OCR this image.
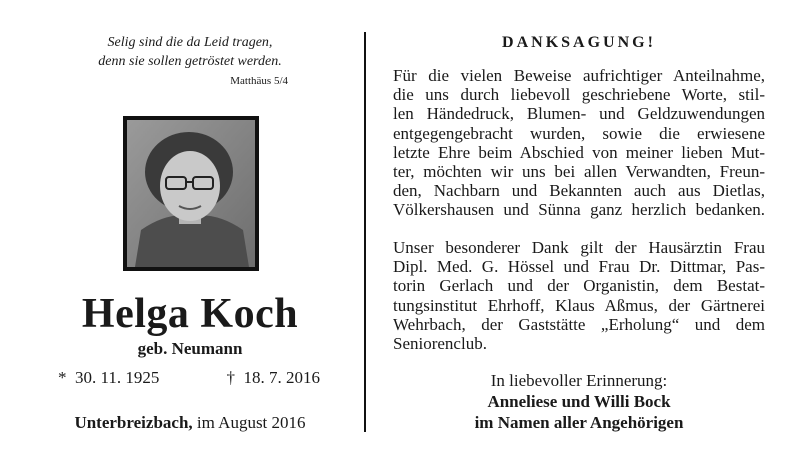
Selig sind die da Leid tragen,
denn sie sollen getröstet werden.
Matthäus 5/4
Helga Koch
geb. Neumann
* 30. 11. 1925	† 18. 7. 2016
Unterbreizbach, im August 2016
DANKSAGUNG!
Für die vielen Beweise aufrichtiger Anteilnahme,
die uns durch liebevoll geschriebene Worte, stil-
len Händedruck, Blumen- und Geldzuwendungen
entgegengebracht wurden, sowie die erwiesene
letzte Ehre beim Abschied von meiner lieben Mut-
ter, möchten wir uns bei allen Verwandten, Freun-
den, Nachbarn und Bekannten auch aus Dietlas,
Völkershausen und Sünna ganz herzlich bedanken.
Unser besonderer Dank gilt der Hausärztin Frau
Dipl. Med. G. Hössel und Frau Dr. Dittmar, Pas-
torin Gerlach und der Organistin, dem Bestat-
tungsinstitut Ehrhoff, Klaus Aßmus, der Gärtnerei
Wehrbach, der Gaststätte „Erholung“ und dem
Seniorenclub.
In liebevoller Erinnerung:
Anneliese und Willi Bock
im Namen aller Angehörigen
